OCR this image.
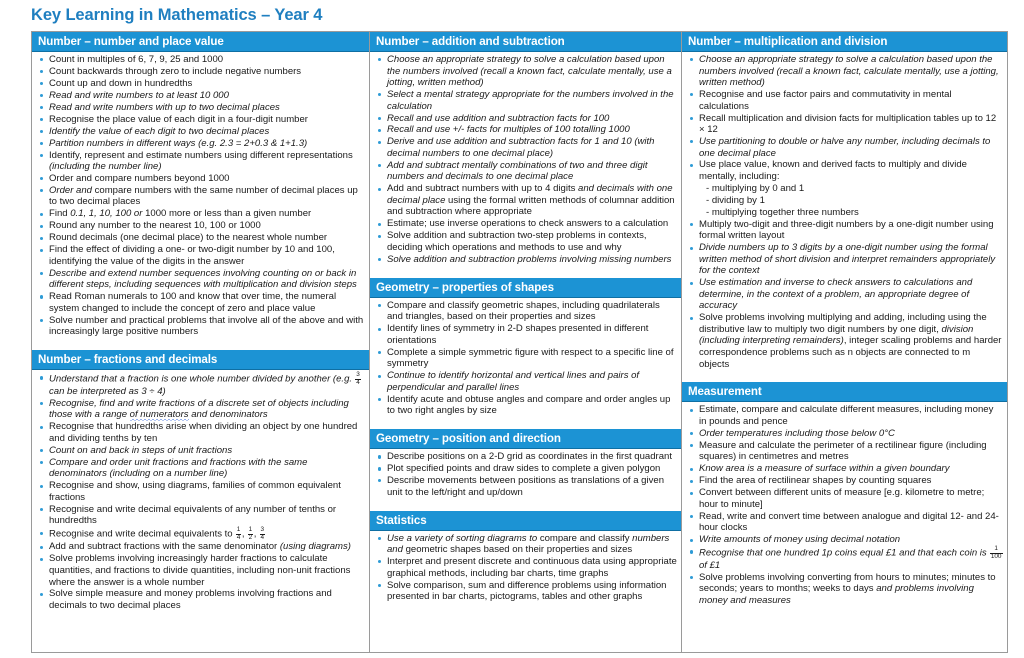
Key Learning in Mathematics – Year 4
Number – number and place value
Count in multiples of 6, 7, 9, 25 and 1000
Count backwards through zero to include negative numbers
Count up and down in hundredths
Read and write numbers to at least 10 000
Read and write numbers with up to two decimal places
Recognise the place value of each digit in a four-digit number
Identify the value of each digit to two decimal places
Partition numbers in different ways (e.g. 2.3 = 2+0.3 & 1+1.3)
Identify, represent and estimate numbers using different representations (including the number line)
Order and compare numbers beyond 1000
Order and compare numbers with the same number of decimal places up to two decimal places
Find 0.1, 1, 10, 100 or 1000 more or less than a given number
Round any number to the nearest 10, 100 or 1000
Round decimals (one decimal place) to the nearest whole number
Find the effect of dividing a one- or two-digit number by 10 and 100, identifying the value of the digits in the answer
Describe and extend number sequences involving counting on or back in different steps, including sequences with multiplication and division steps
Read Roman numerals to 100 and know that over time, the numeral system changed to include the concept of zero and place value
Solve number and practical problems that involve all of the above and with increasingly large positive numbers
Number – fractions and decimals
Understand that a fraction is one whole number divided by another (e.g. $\frac{3}{4}$
can be interpreted as 3 ÷ 4)
Recognise, find and write fractions of a discrete set of objects including those with a range of numerators and denominators
Recognise that hundredths arise when dividing an object by one hundred and dividing tenths by ten
Count on and back in steps of unit fractions
Compare and order unit fractions and fractions with the same denominators (including on a number line)
Recognise and show, using diagrams, families of common equivalent fractions
Recognise and write decimal equivalents of any number of tenths or hundredths
Recognise and write decimal equivalents to $\frac{1}{4}$ , $\frac{1}{2}$ , $\frac{3}{4}$
Add and subtract fractions with the same denominator (using diagrams)
Solve problems involving increasingly harder fractions to calculate quantities, and fractions to divide quantities, including non-unit fractions where the answer is a whole number
Solve simple measure and money problems involving fractions and decimals to two decimal places
Number – addition and subtraction
Choose an appropriate strategy to solve a calculation based upon the numbers involved (recall a known fact, calculate mentally, use a jotting, written method)
Select a mental strategy appropriate for the numbers involved in the calculation
Recall and use addition and subtraction facts for 100
Recall and use +/- facts for multiples of 100 totalling 1000
Derive and use addition and subtraction facts for 1 and 10 (with decimal numbers to one decimal place)
Add and subtract mentally combinations of two and three digit numbers and decimals to one decimal place
Add and subtract numbers with up to 4 digits and decimals with one decimal place using the formal written methods of columnar addition and subtraction where appropriate
Estimate; use inverse operations to check answers to a calculation
Solve addition and subtraction two-step problems in contexts, deciding which operations and methods to use and why
Solve addition and subtraction problems involving missing numbers
Geometry – properties of shapes
Compare and classify geometric shapes, including quadrilaterals and triangles, based on their properties and sizes
Identify lines of symmetry in 2-D shapes presented in different orientations
Complete a simple symmetric figure with respect to a specific line of symmetry
Continue to identify horizontal and vertical lines and pairs of perpendicular and parallel lines
Identify acute and obtuse angles and compare and order angles up to two right angles by size
Geometry – position and direction
Describe positions on a 2-D grid as coordinates in the first quadrant
Plot specified points and draw sides to complete a given polygon
Describe movements between positions as translations of a given unit to the left/right and up/down
Statistics
Use a variety of sorting diagrams to compare and classify numbers and geometric shapes based on their properties and sizes
Interpret and present discrete and continuous data using appropriate graphical methods, including bar charts, time graphs
Solve comparison, sum and difference problems using information presented in bar charts, pictograms, tables and other graphs
Number – multiplication and division
Choose an appropriate strategy to solve a calculation based upon the numbers involved (recall a known fact, calculate mentally, use a jotting, written method)
Recognise and use factor pairs and commutativity in mental calculations
Recall multiplication and division facts for multiplication tables up to 12 × 12
Use partitioning to double or halve any number, including decimals to one decimal place
Use place value, known and derived facts to multiply and divide mentally, including:
- multiplying by 0 and 1
- dividing by 1
- multiplying together three numbers
Multiply two-digit and three-digit numbers by a one-digit number using formal written layout
Divide numbers up to 3 digits by a one-digit number using the formal written method of short division and interpret remainders appropriately for the context
Use estimation and inverse to check answers to calculations and determine, in the context of a problem, an appropriate degree of accuracy
Solve problems involving multiplying and adding, including using the distributive law to multiply two digit numbers by one digit, division (including interpreting remainders), integer scaling problems and harder correspondence problems such as n objects are connected to m objects
Measurement
Estimate, compare and calculate different measures, including money in pounds and pence
Order temperatures including those below 0°C
Measure and calculate the perimeter of a rectilinear figure (including squares) in centimetres and metres
Know area is a measure of surface within a given boundary
Find the area of rectilinear shapes by counting squares
Convert between different units of measure [e.g. kilometre to metre; hour to minute]
Read, write and convert time between analogue and digital 12- and 24-hour clocks
Write amounts of money using decimal notation
Recognise that one hundred 1p coins equal £1 and that each coin is $\frac{1}{100}$
of £1
Solve problems involving converting from hours to minutes; minutes to seconds; years to months; weeks to days and problems involving money and measures
